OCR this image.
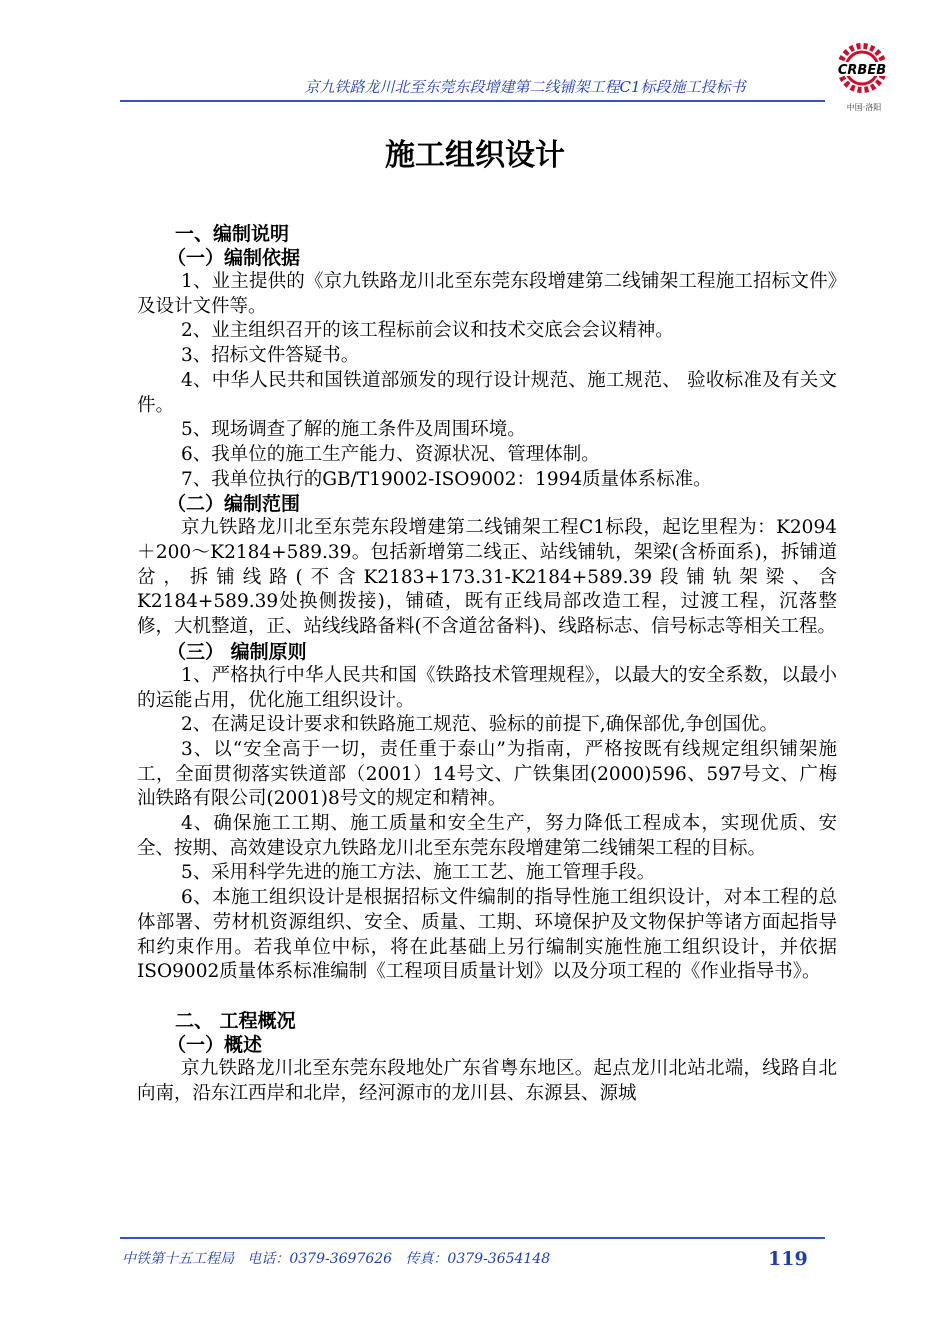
京九铁路龙川北至东莞东段增建第二线铺架工程C1标段施工投标书
CRBEB
中国·洛阳
施工组织设计
一、编制说明
（一）编制依据

1、业主提供的《京九铁路龙川北至东莞东段增建第二线铺架工程施工招标文件》及设计文件等。

2、业主组织召开的该工程标前会议和技术交底会会议精神。

3、招标文件答疑书。

4、中华人民共和国铁道部颁发的现行设计规范、施工规范、 验收标准及有关文件。

5、现场调查了解的施工条件及周围环境。

6、我单位的施工生产能力、资源状况、管理体制。

7、我单位执行的GB/T19002-ISO9002：1994质量体系标准。

（二）编制范围

京九铁路龙川北至东莞东段增建第二线铺架工程C1标段，起讫里程为：K2094＋200～K2184+589.39。包括新增第二线正、站线铺轨，架梁(含桥面系)，拆铺道岔，拆铺线路(不含K2183+173.31-K2184+589.39段铺轨架梁、含K2184+589.39处换侧拨接)，铺碴，既有正线局部改造工程，过渡工程，沉落整修，大机整道，正、站线线路备料(不含道岔备料)、线路标志、信号标志等相关工程。

（三） 编制原则

1、严格执行中华人民共和国《铁路技术管理规程》，以最大的安全系数，以最小的运能占用，优化施工组织设计。

2、在满足设计要求和铁路施工规范、验标的前提下,确保部优,争创国优。

3、以“安全高于一切，责任重于泰山”为指南，严格按既有线规定组织铺架施工，全面贯彻落实铁道部（2001）14号文、广铁集团(2000)596、597号文、广梅汕铁路有限公司(2001)8号文的规定和精神。

4、确保施工工期、施工质量和安全生产，努力降低工程成本，实现优质、安全、按期、高效建设京九铁路龙川北至东莞东段增建第二线铺架工程的目标。

5、采用科学先进的施工方法、施工工艺、施工管理手段。

6、本施工组织设计是根据招标文件编制的指导性施工组织设计，对本工程的总体部署、劳材机资源组织、安全、质量、工期、环境保护及文物保护等诸方面起指导和约束作用。若我单位中标，将在此基础上另行编制实施性施工组织设计，并依据ISO9002质量体系标准编制《工程项目质量计划》以及分项工程的《作业指导书》。

二、 工程概况
（一）概述

京九铁路龙川北至东莞东段地处广东省粤东地区。起点龙川北站北端，线路自北向南，沿东江西岸和北岸，经河源市的龙川县、东源县、源城

中铁第十五工程局 电话：0379-3697626 传真：0379-3654148	119
